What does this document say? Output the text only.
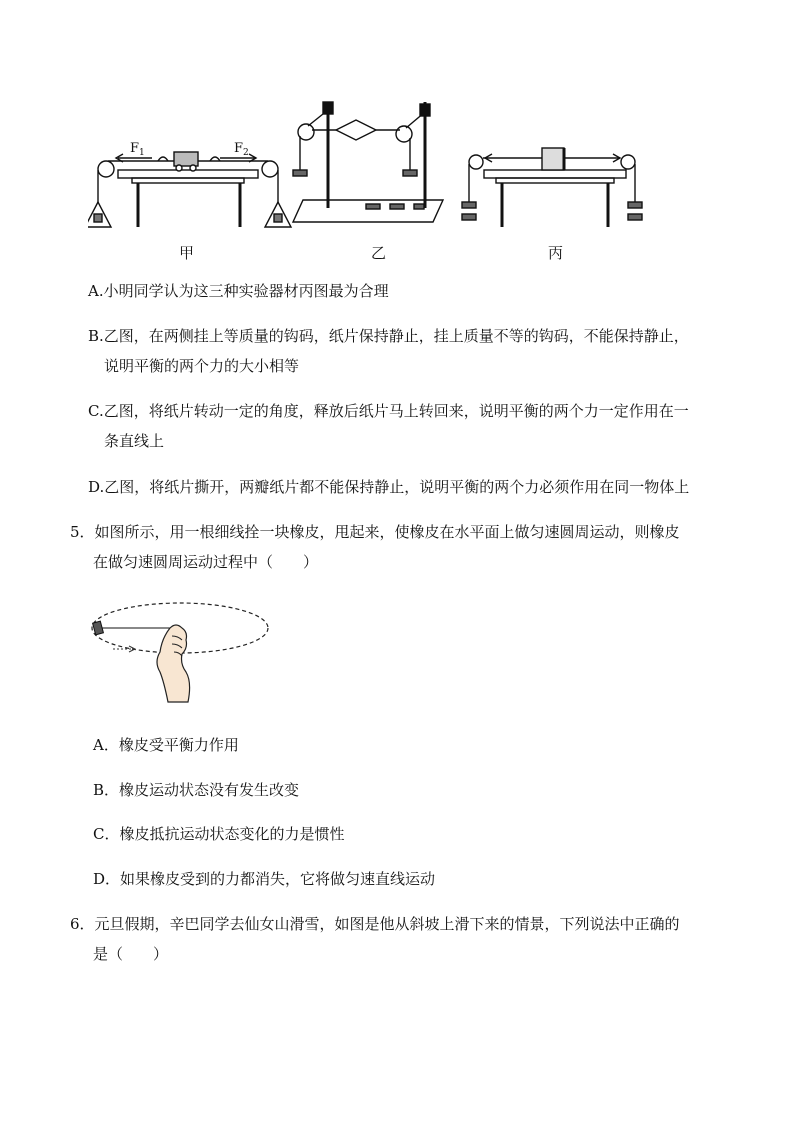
$F_1$	$F_2$
甲	乙	丙
A.小明同学认为这三种实验器材丙图最为合理
B.乙图，在两侧挂上等质量的钩码，纸片保持静止，挂上质量不等的钩码，不能保持静止，
说明平衡的两个力的大小相等
C.乙图，将纸片转动一定的角度，释放后纸片马上转回来，说明平衡的两个力一定作用在一
条直线上
D.乙图，将纸片撕开，两瓣纸片都不能保持静止，说明平衡的两个力必须作用在同一物体上
5．如图所示，用一根细线拴一块橡皮，甩起来，使橡皮在水平面上做匀速圆周运动，则橡皮
在做匀速圆周运动过程中（　　）
A．橡皮受平衡力作用
B．橡皮运动状态没有发生改变
C．橡皮抵抗运动状态变化的力是惯性
D．如果橡皮受到的力都消失，它将做匀速直线运动
6．元旦假期，辛巴同学去仙女山滑雪，如图是他从斜坡上滑下来的情景，下列说法中正确的
是（　　）
